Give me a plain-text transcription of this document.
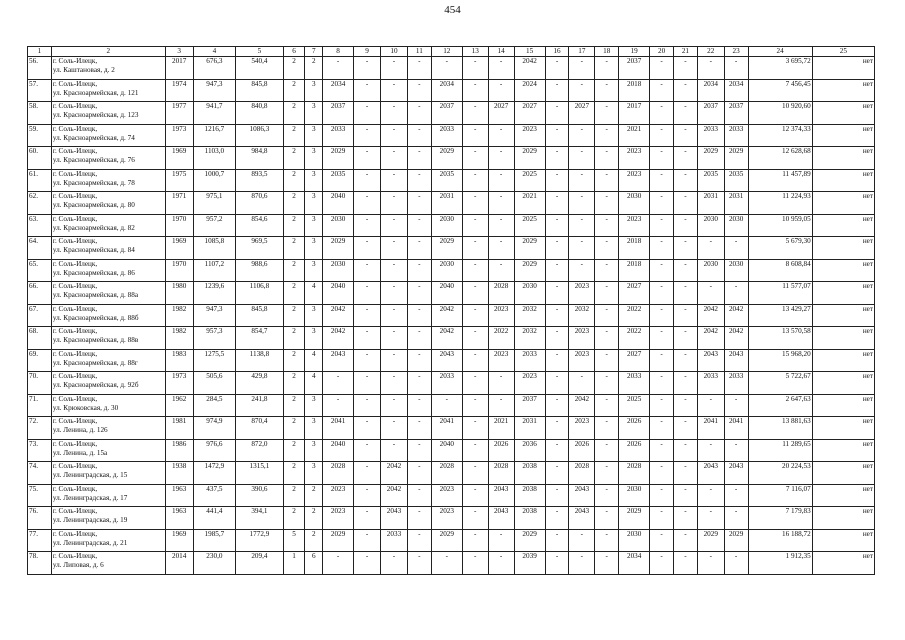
454
1	2	3	4	5	6	7	8	9	10	11	12	13	14	15	16	17	18	19	20	21	22	23	24	25
56.	г. Соль-Илецк,
ул. Каштановая, д. 2	2017	676,3	540,4	2	2	-	-	-	-	-	-	-	2042	-	-	-	2037	-	-	-	-	3 695,72	нет
57.	г. Соль-Илецк,
ул. Красноармейская, д. 121	1974	947,3	845,8	2	3	2034	-	-	-	2034	-	-	2024	-	-	-	2018	-	-	2034	2034	7 456,45	нет
58.	г. Соль-Илецк,
ул. Красноармейская, д. 123	1977	941,7	840,8	2	3	2037	-	-	-	2037	-	2027	2027	-	2027	-	2017	-	-	2037	2037	10 920,60	нет
59.	г. Соль-Илецк,
ул. Красноармейская, д. 74	1973	1216,7	1086,3	2	3	2033	-	-	-	2033	-	-	2023	-	-	-	2021	-	-	2033	2033	12 374,33	нет
60.	г. Соль-Илецк,
ул. Красноармейская, д. 76	1969	1103,0	984,8	2	3	2029	-	-	-	2029	-	-	2029	-	-	-	2023	-	-	2029	2029	12 628,68	нет
61.	г. Соль-Илецк,
ул. Красноармейская, д. 78	1975	1000,7	893,5	2	3	2035	-	-	-	2035	-	-	2025	-	-	-	2023	-	-	2035	2035	11 457,89	нет
62.	г. Соль-Илецк,
ул. Красноармейская, д. 80	1971	975,1	870,6	2	3	2040	-	-	-	2031	-	-	2021	-	-	-	2030	-	-	2031	2031	11 224,93	нет
63.	г. Соль-Илецк,
ул. Красноармейская, д. 82	1970	957,2	854,6	2	3	2030	-	-	-	2030	-	-	2025	-	-	-	2023	-	-	2030	2030	10 959,05	нет
64.	г. Соль-Илецк,
ул. Красноармейская, д. 84	1969	1085,8	969,5	2	3	2029	-	-	-	2029	-	-	2029	-	-	-	2018	-	-	-	-	5 679,30	нет
65.	г. Соль-Илецк,
ул. Красноармейская, д. 86	1970	1107,2	988,6	2	3	2030	-	-	-	2030	-	-	2029	-	-	-	2018	-	-	2030	2030	8 608,84	нет
66.	г. Соль-Илецк,
ул. Красноармейская, д. 88а	1980	1239,6	1106,8	2	4	2040	-	-	-	2040	-	2028	2030	-	2023	-	2027	-	-	-	-	11 577,07	нет
67.	г. Соль-Илецк,
ул. Красноармейская, д. 88б	1982	947,3	845,8	2	3	2042	-	-	-	2042	-	2023	2032	-	2032	-	2022	-	-	2042	2042	13 429,27	нет
68.	г. Соль-Илецк,
ул. Красноармейская, д. 88в	1982	957,3	854,7	2	3	2042	-	-	-	2042	-	2022	2032	-	2023	-	2022	-	-	2042	2042	13 570,58	нет
69.	г. Соль-Илецк,
ул. Красноармейская, д. 88г	1983	1275,5	1138,8	2	4	2043	-	-	-	2043	-	2023	2033	-	2023	-	2027	-	-	2043	2043	15 968,20	нет
70.	г. Соль-Илецк,
ул. Красноармейская, д. 92б	1973	505,6	429,8	2	4	-	-	-	-	2033	-	-	2023	-	-	-	2033	-	-	2033	2033	5 722,67	нет
71.	г. Соль-Илецк,
ул. Крюковская, д. 30	1962	284,5	241,8	2	3	-	-	-	-	-	-	-	2037	-	2042	-	2025	-	-	-	-	2 647,63	нет
72.	г. Соль-Илецк,
ул. Ленина, д. 126	1981	974,9	870,4	2	3	2041	-	-	-	2041	-	2021	2031	-	2023	-	2026	-	-	2041	2041	13 881,63	нет
73.	г. Соль-Илецк,
ул. Ленина, д. 15а	1986	976,6	872,0	2	3	2040	-	-	-	2040	-	2026	2036	-	2026	-	2026	-	-	-	-	11 289,65	нет
74.	г. Соль-Илецк,
ул. Ленинградская, д. 15	1938	1472,9	1315,1	2	3	2028	-	2042	-	2028	-	2028	2038	-	2028	-	2028	-	-	2043	2043	20 224,53	нет
75.	г. Соль-Илецк,
ул. Ленинградская, д. 17	1963	437,5	390,6	2	2	2023	-	2042	-	2023	-	2043	2038	-	2043	-	2030	-	-	-	-	7 116,07	нет
76.	г. Соль-Илецк,
ул. Ленинградская, д. 19	1963	441,4	394,1	2	2	2023	-	2043	-	2023	-	2043	2038	-	2043	-	2029	-	-	-	-	7 179,83	нет
77.	г. Соль-Илецк,
ул. Ленинградская, д. 21	1969	1985,7	1772,9	5	2	2029	-	2033	-	2029	-	-	2029	-	-	-	2030	-	-	2029	2029	16 188,72	нет
78.	г. Соль-Илецк,
ул. Липовая, д. 6	2014	230,0	209,4	1	6	-	-	-	-	-	-	-	2039	-	-	-	2034	-	-	-	-	1 912,35	нет
